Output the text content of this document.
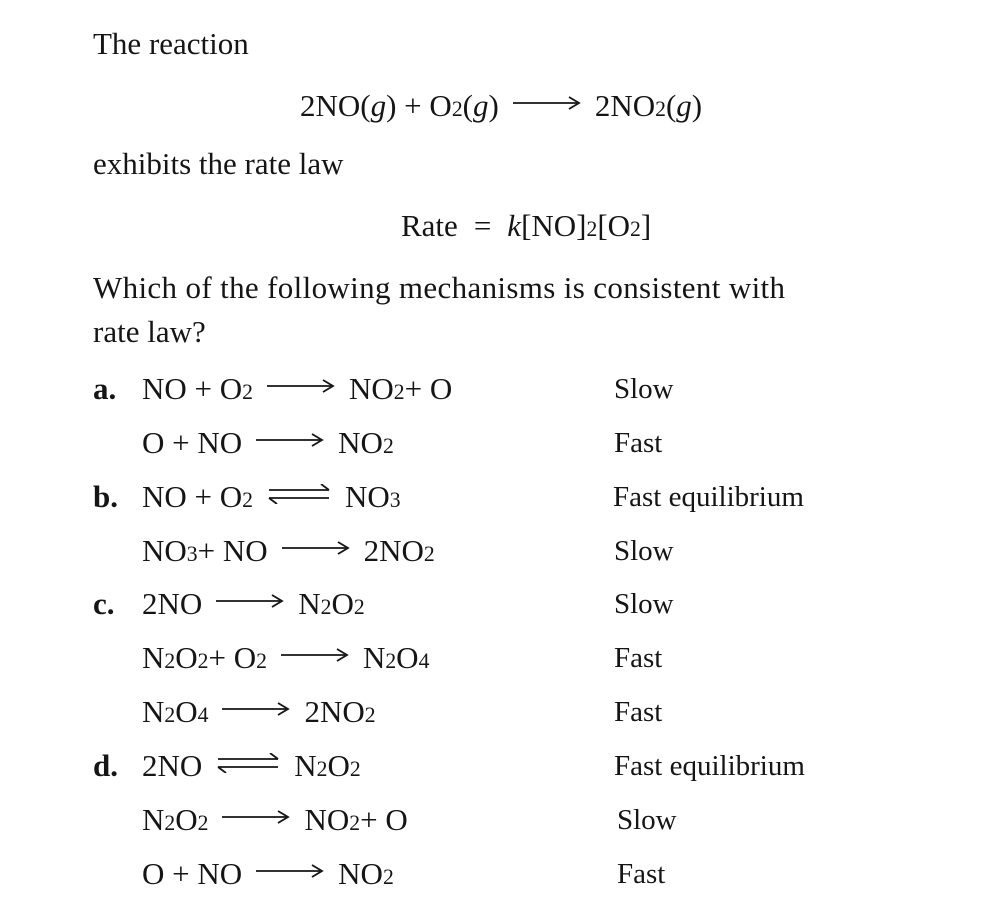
The reaction
2NO( g ) + O 2 ( g )	2NO 2 ( g )
exhibits the rate law
Rate = k [NO] 2 [O 2 ]
Which of the following mechanisms is consistent with
rate law?
a. NO + O 2	NO 2 + O	Slow
O + NO	NO 2	Fast
b. NO + O 2	NO 3	Fast equilibrium
NO 3 + NO	2NO 2	Slow
c. 2NO	N 2 O 2	Slow
N 2 O 2 + O 2	N 2 O 4	Fast
N 2 O 4	2NO 2	Fast
d. 2NO	N 2 O 2	Fast equilibrium
N 2 O 2	NO 2 + O	Slow
O + NO	NO 2	Fast
